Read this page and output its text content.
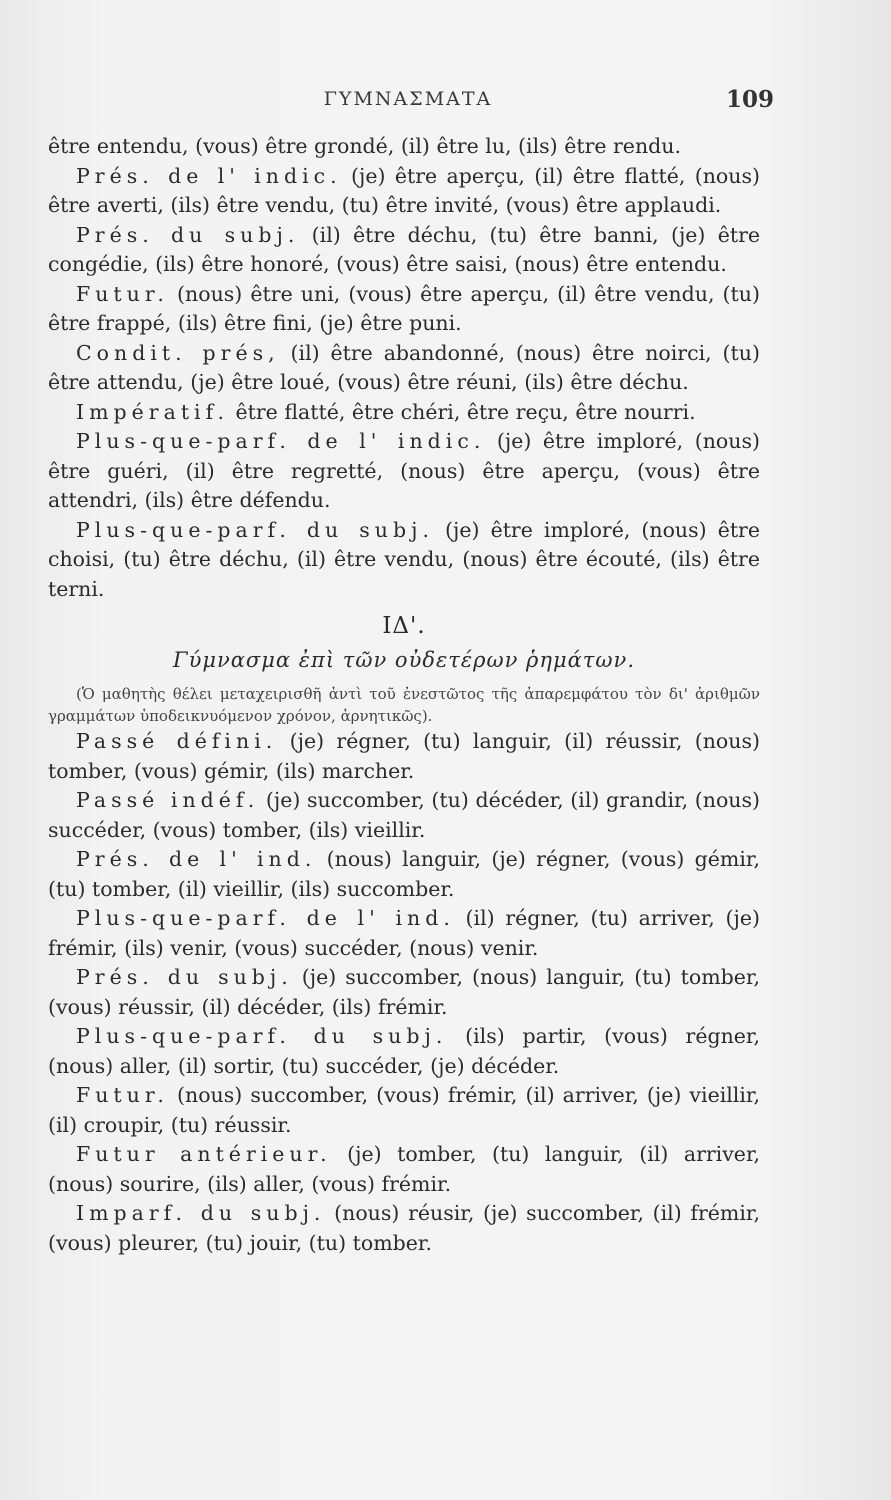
ΓΥΜΝΑΣΜΑΤΑ	109

être entendu, (vous) être grondé, (il) être lu, (ils) être rendu.

Prés. de l' indic. (je) être aperçu, (il) être flatté, (nous) être averti, (ils) être vendu, (tu) être invité, (vous) être applaudi.

Prés. du subj. (il) être déchu, (tu) être banni, (je) être congédie, (ils) être honoré, (vous) être saisi, (nous) être entendu.

Futur. (nous) être uni, (vous) être aperçu, (il) être vendu, (tu) être frappé, (ils) être fini, (je) être puni.

Condit. prés, (il) être abandonné, (nous) être noirci, (tu) être attendu, (je) être loué, (vous) être réuni, (ils) être déchu.

Impératif. être flatté, être chéri, être reçu, être nourri.

Plus-que-parf. de l' indic. (je) être imploré, (nous) être guéri, (il) être regretté, (nous) être aperçu, (vous) être attendri, (ils) être défendu.

Plus-que-parf. du subj. (je) être imploré, (nous) être choisi, (tu) être déchu, (il) être vendu, (nous) être écouté, (ils) être terni.

ΙΔ'.
Γύμνασμα ἐπὶ τῶν οὐδετέρων ῥημάτων.

(Ὁ μαθητὴς θέλει μεταχειρισθῆ ἀντὶ τοῦ ἐνεστῶτος τῆς ἀπαρεμφάτου τὸν δι' ἀριθμῶν γραμμάτων ὑποδεικνυόμενον χρόνον, ἀρνητικῶς).

Passé défini. (je) régner, (tu) languir, (il) réussir, (nous) tomber, (vous) gémir, (ils) marcher.

Passé indéf. (je) succomber, (tu) décéder, (il) grandir, (nous) succéder, (vous) tomber, (ils) vieillir.

Prés. de l' ind. (nous) languir, (je) régner, (vous) gémir, (tu) tomber, (il) vieillir, (ils) succomber.

Plus-que-parf. de l' ind. (il) régner, (tu) arriver, (je) frémir, (ils) venir, (vous) succéder, (nous) venir.

Prés. du subj. (je) succomber, (nous) languir, (tu) tomber, (vous) réussir, (il) décéder, (ils) frémir.

Plus-que-parf. du subj. (ils) partir, (vous) régner, (nous) aller, (il) sortir, (tu) succéder, (je) décéder.

Futur. (nous) succomber, (vous) frémir, (il) arriver, (je) vieillir, (il) croupir, (tu) réussir.

Futur antérieur. (je) tomber, (tu) languir, (il) arriver, (nous) sourire, (ils) aller, (vous) frémir.

Imparf. du subj. (nous) réusir, (je) succomber, (il) frémir, (vous) pleurer, (tu) jouir, (tu) tomber.
